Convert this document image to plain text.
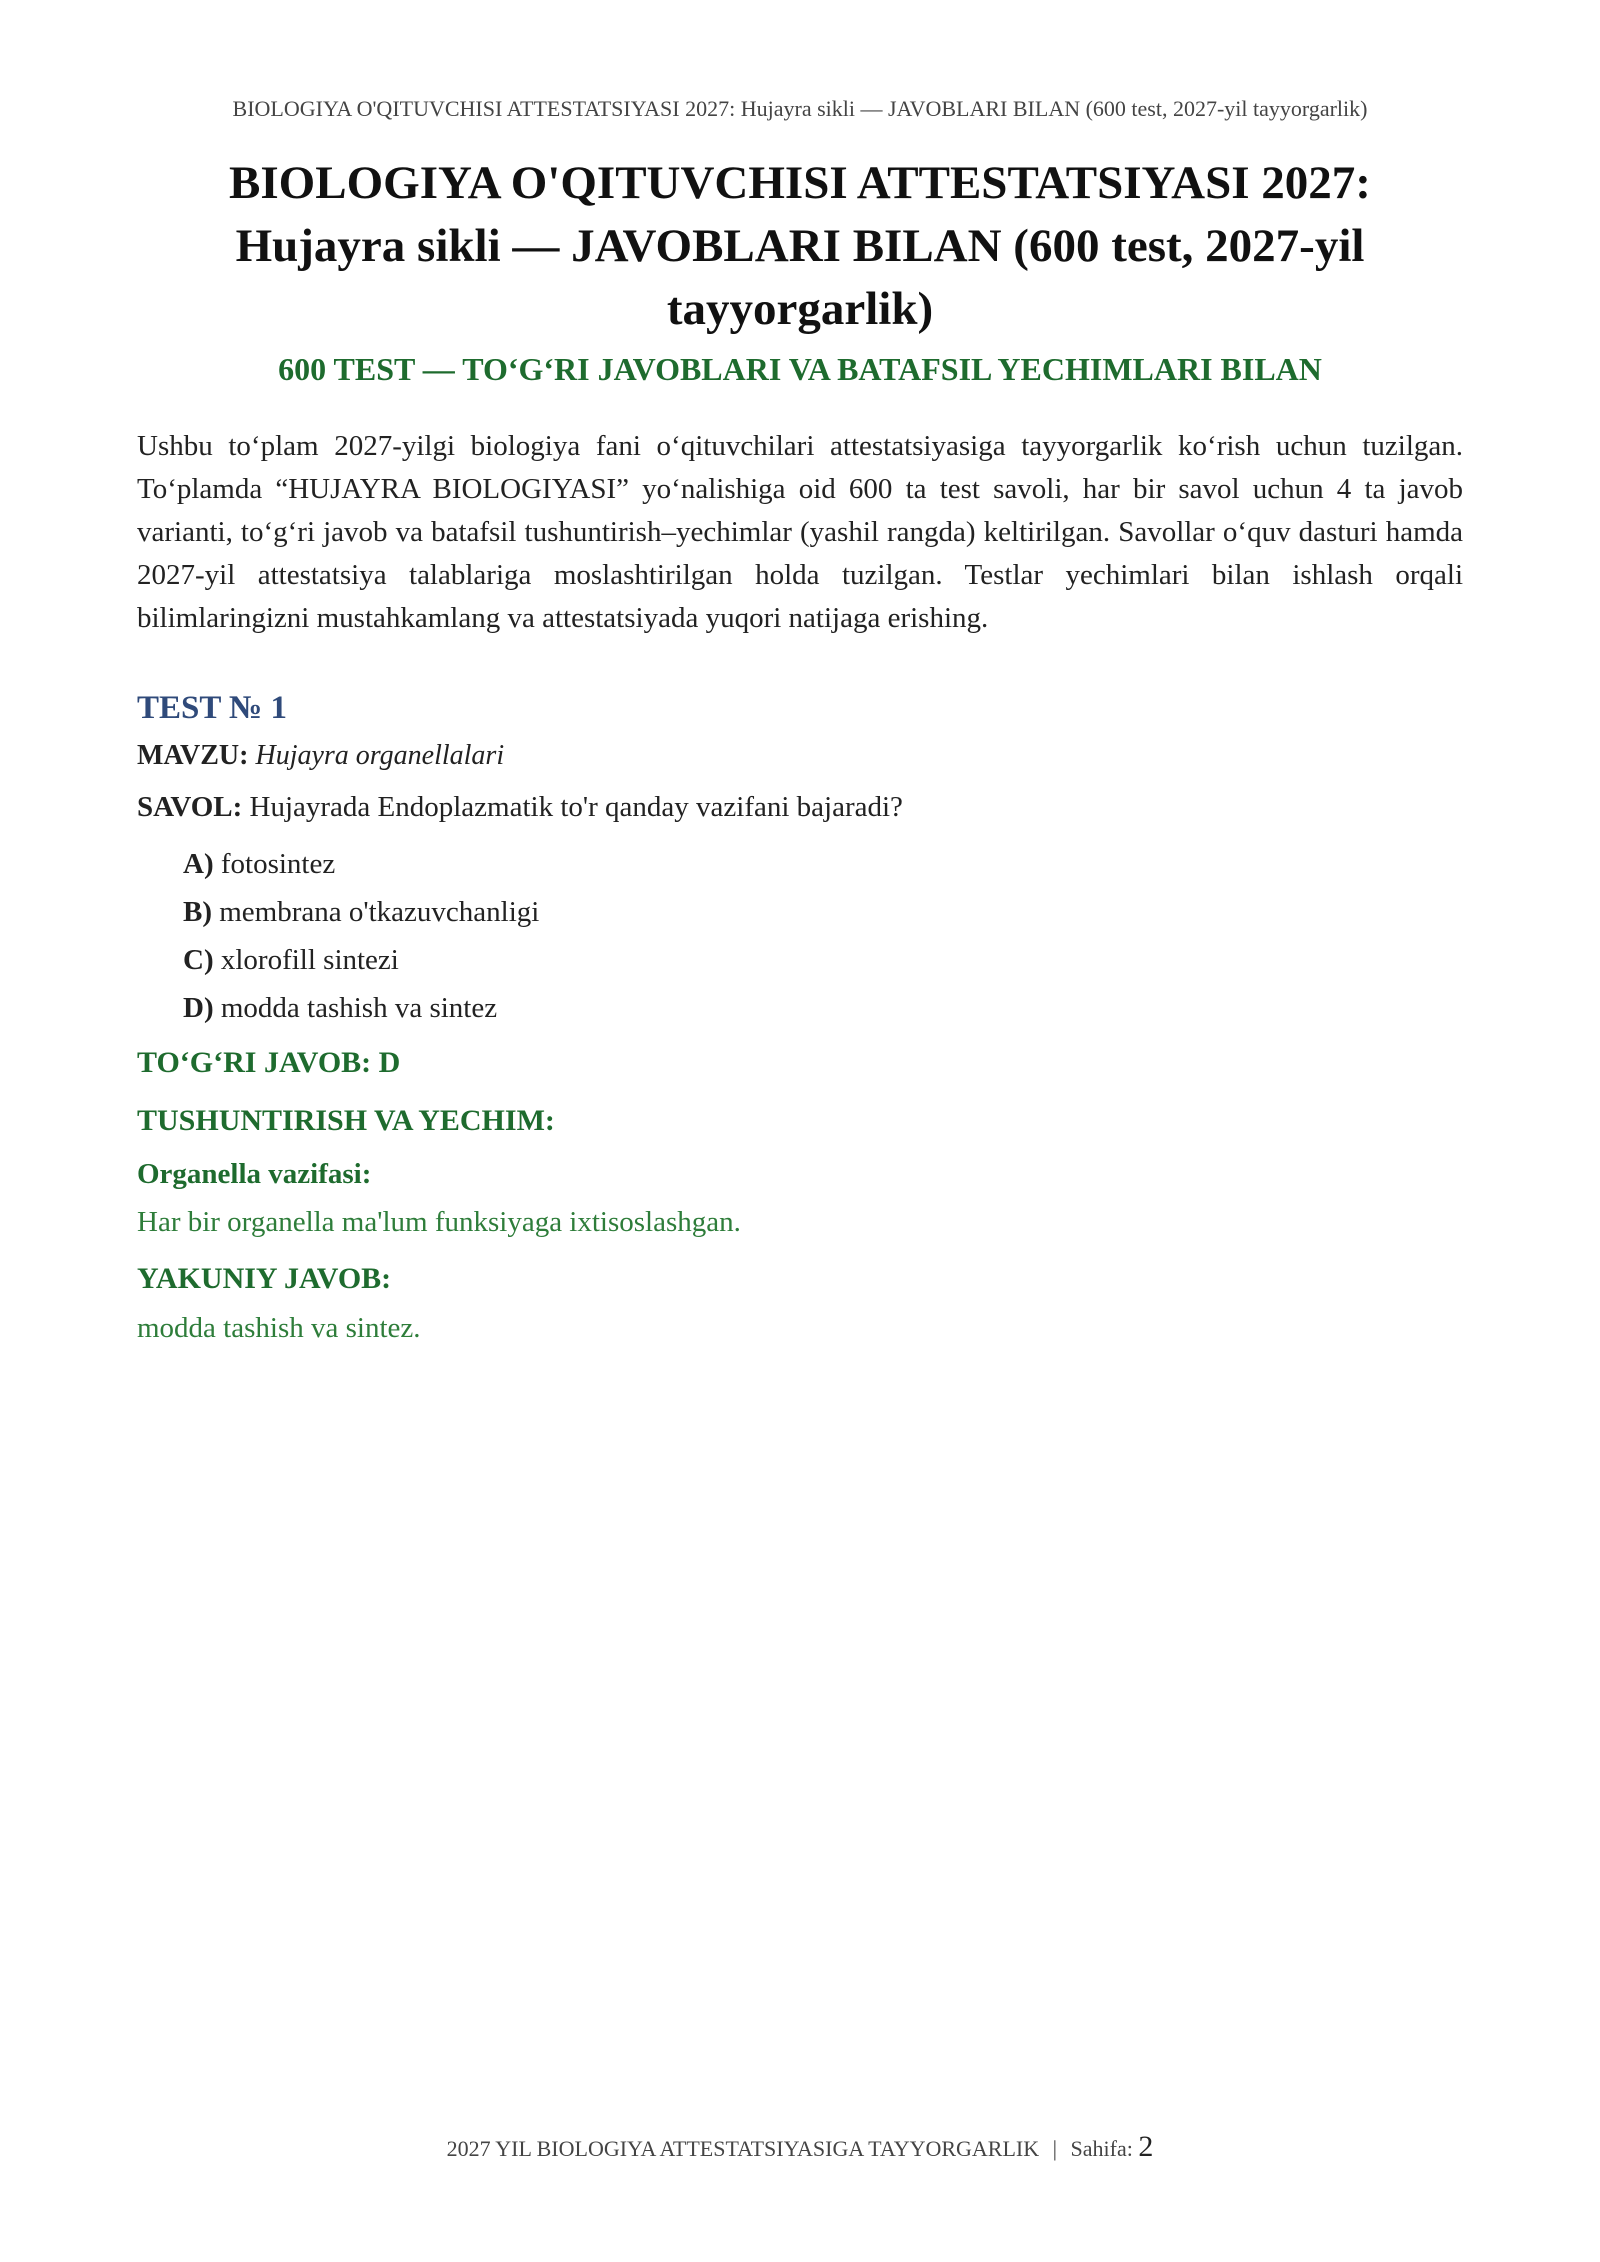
BIOLOGIYA O'QITUVCHISI ATTESTATSIYASI 2027: Hujayra sikli — JAVOBLARI BILAN (600 test, 2027-yil tayyorgarlik)
BIOLOGIYA O'QITUVCHISI ATTESTATSIYASI 2027:
Hujayra sikli — JAVOBLARI BILAN (600 test, 2027-yil
tayyorgarlik)
600 TEST — TO‘G‘RI JAVOBLARI VA BATAFSIL YECHIMLARI BILAN

Ushbu to‘plam 2027-yilgi biologiya fani o‘qituvchilari attestatsiyasiga tayyorgarlik ko‘rish uchun tuzilgan. To‘plamda “HUJAYRA BIOLOGIYASI” yo‘nalishiga oid 600 ta test savoli, har bir savol uchun 4 ta javob varianti, to‘g‘ri javob va batafsil tushuntirish–yechimlar (yashil rangda) keltirilgan. Savollar o‘quv dasturi hamda 2027-yil attestatsiya talablariga moslashtirilgan holda tuzilgan. Testlar yechimlari bilan ishlash orqali bilimlaringizni mustahkamlang va attestatsiyada yuqori natijaga erishing.

TEST № 1
MAVZU: Hujayra organellalari
SAVOL: Hujayrada Endoplazmatik to'r qanday vazifani bajaradi?
A) fotosintez
B) membrana o'tkazuvchanligi
C) xlorofill sintezi
D) modda tashish va sintez
TO‘G‘RI JAVOB: D
TUSHUNTIRISH VA YECHIM:
Organella vazifasi:
Har bir organella ma'lum funksiyaga ixtisoslashgan.
YAKUNIY JAVOB:
modda tashish va sintez.
2027 YIL BIOLOGIYA ATTESTATSIYASIGA TAYYORGARLIK | Sahifa: 2
